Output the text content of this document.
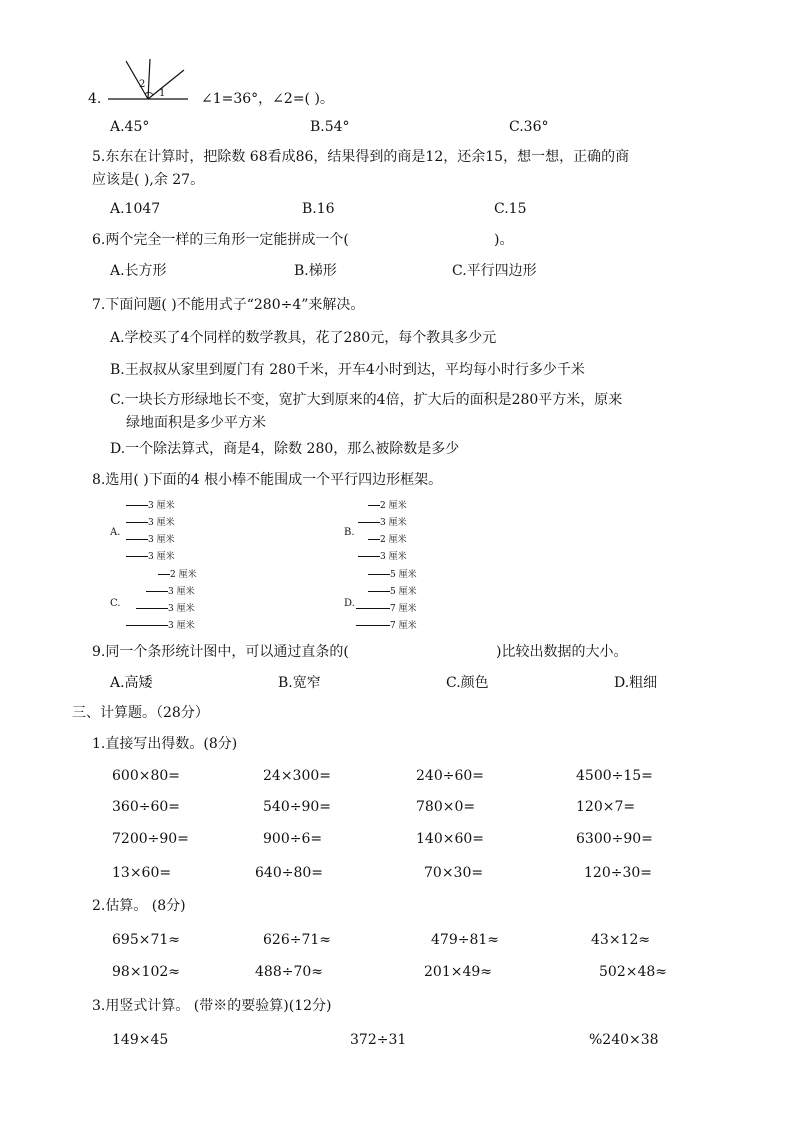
4.
2
1	∠1=36°，∠2=( )。
A.45°	B.54°	C.36°
5.东东在计算时，把除数 68看成86，结果得到的商是12，还余15，想一想，正确的商
应该是( ),余 27。
A.1047	B.16	C.15
6.两个完全一样的三角形一定能拼成一个(	)。
A.长方形	B.梯形	C.平行四边形
7.下面问题( )不能用式子“280÷4”来解决。
A.学校买了4个同样的数学教具，花了280元，每个教具多少元
B.王叔叔从家里到厦门有 280千米，开车4小时到达，平均每小时行多少千米
C.一块长方形绿地长不变，宽扩大到原来的4倍，扩大后的面积是280平方米，原来
绿地面积是多少平方米
D.一个除法算式，商是4，除数 280，那么被除数是多少
8.选用( )下面的4 根小棒不能围成一个平行四边形框架。
A.
3 厘米
3 厘米
3 厘米
3 厘米
B.
2 厘米
3 厘米
2 厘米
3 厘米
C.
2 厘米
3 厘米
3 厘米
3 厘米
D.
5 厘米
5 厘米
7 厘米
7 厘米
9.同一个条形统计图中，可以通过直条的(	)比较出数据的大小。
A.高矮	B.宽窄	C.颜色	D.粗细
三、计算题。（28分）
1.直接写出得数。(8分)
600×80=	24×300=	240÷60=	4500÷15=
360÷60=	540÷90=	780×0=	120×7=
7200÷90=	900÷6=	140×60=	6300÷90=
13×60=	640÷80=	70×30=	120÷30=
2.估算。 (8分)
695×71≈	626÷71≈	479÷81≈	43×12≈
98×102≈	488÷70≈	201×49≈	502×48≈
3.用竖式计算。 (带※的要验算)(12分)
149×45	372÷31	%240×38
